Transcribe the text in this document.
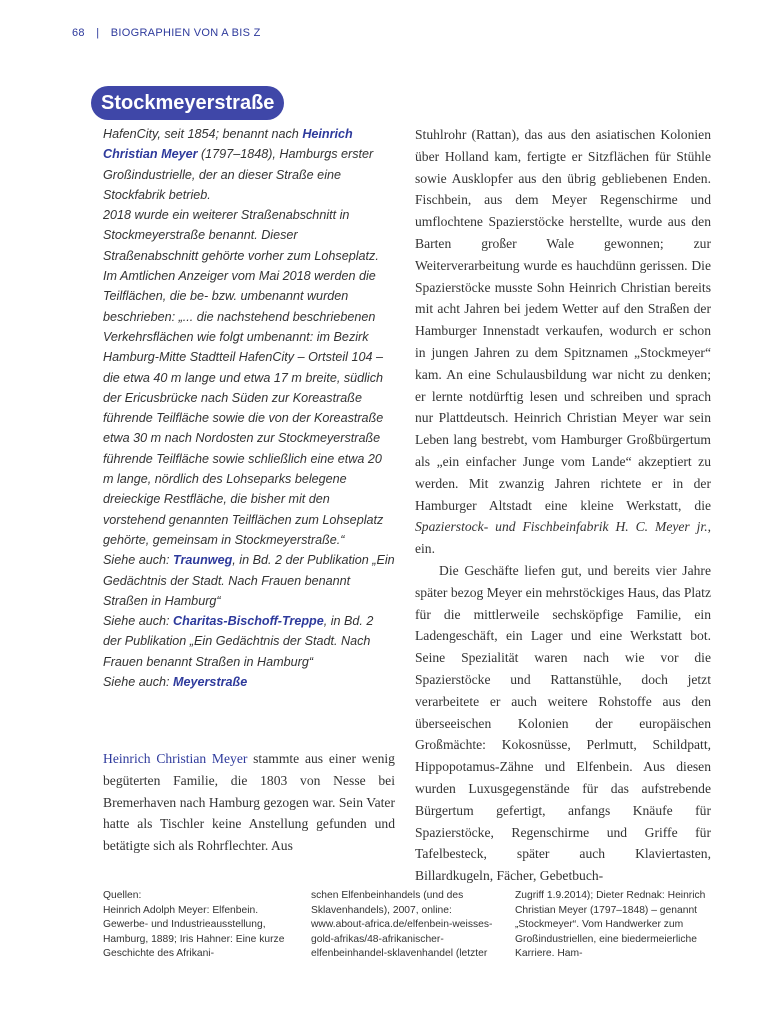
68 | BIOGRAPHIEN VON A BIS Z
Stockmeyerstraße

HafenCity, seit 1854; benannt nach Heinrich Christian Meyer (1797–1848), Hamburgs erster Großindustrielle, der an dieser Straße eine Stockfabrik betrieb.

2018 wurde ein weiterer Straßenabschnitt in Stockmeyerstraße benannt. Dieser Straßenabschnitt gehörte vorher zum Lohseplatz. Im Amtlichen Anzeiger vom Mai 2018 werden die Teilflächen, die be- bzw. umbenannt wurden beschrieben: „... die nachstehend beschriebenen Verkehrsflächen wie folgt umbenannt: im Bezirk Hamburg-Mitte Stadtteil HafenCity – Ortsteil 104 – die etwa 40 m lange und etwa 17 m breite, südlich der Ericusbrücke nach Süden zur Koreastraße führende Teilfläche sowie die von der Koreastraße etwa 30 m nach Nordosten zur Stockmeyerstraße führende Teilfläche sowie schließlich eine etwa 20 m lange, nördlich des Lohseparks belegene dreieckige Restfläche, die bisher mit den vorstehend genannten Teilflächen zum Lohseplatz gehörte, gemeinsam in Stockmeyerstraße.“

Siehe auch: Traunweg, in Bd. 2 der Publikation „Ein Gedächtnis der Stadt. Nach Frauen benannt Straßen in Hamburg“

Siehe auch: Charitas-Bischoff-Treppe, in Bd. 2 der Publikation „Ein Gedächtnis der Stadt. Nach Frauen benannt Straßen in Hamburg“

Siehe auch: Meyerstraße

Heinrich Christian Meyer stammte aus einer wenig begüterten Familie, die 1803 von Nesse bei Bremerhaven nach Hamburg gezogen war. Sein Vater hatte als Tischler keine Anstellung gefunden und betätigte sich als Rohrflechter. Aus

Stuhlrohr (Rattan), das aus den asiatischen Kolonien über Holland kam, fertigte er Sitzflächen für Stühle sowie Ausklopfer aus den übrig gebliebenen Enden. Fischbein, aus dem Meyer Regenschirme und umflochtene Spazierstöcke herstellte, wurde aus den Barten großer Wale gewonnen; zur Weiterverarbeitung wurde es hauchdünn gerissen. Die Spazierstöcke musste Sohn Heinrich Christian bereits mit acht Jahren bei jedem Wetter auf den Straßen der Hamburger Innenstadt verkaufen, wodurch er schon in jungen Jahren zu dem Spitznamen „Stockmeyer“ kam. An eine Schulausbildung war nicht zu denken; er lernte notdürftig lesen und schreiben und sprach nur Plattdeutsch. Heinrich Christian Meyer war sein Leben lang bestrebt, vom Hamburger Großbürgertum als „ein einfacher Junge vom Lande“ akzeptiert zu werden. Mit zwanzig Jahren richtete er in der Hamburger Altstadt eine kleine Werkstatt, die Spazierstock- und Fischbeinfabrik H. C. Meyer jr., ein.

Die Geschäfte liefen gut, und bereits vier Jahre später bezog Meyer ein mehrstöckiges Haus, das Platz für die mittlerweile sechsköpfige Familie, ein Ladengeschäft, ein Lager und eine Werkstatt bot. Seine Spezialität waren nach wie vor die Spazierstöcke und Rattanstühle, doch jetzt verarbeitete er auch weitere Rohstoffe aus den überseeischen Kolonien der europäischen Großmächte: Kokosnüsse, Perlmutt, Schildpatt, Hippopotamus-Zähne und Elfenbein. Aus diesen wurden Luxusgegenstände für das aufstrebende Bürgertum gefertigt, anfangs Knäufe für Spazierstöcke, Regenschirme und Griffe für Tafelbesteck, später auch Klaviertasten, Billardkugeln, Fächer, Gebetbuch-

Quellen:
Heinrich Adolph Meyer: Elfenbein. Gewerbe- und Industrieausstellung, Hamburg, 1889; Iris Hahner: Eine kurze Geschichte des Afrikani-
schen Elfenbeinhandels (und des Sklavenhandels), 2007, online: www.about-africa.de/elfenbein-weisses-gold-afrikas/48-afrikanischer-elfenbeinhandel-sklavenhandel (letzter
Zugriff 1.9.2014); Dieter Rednak: Heinrich Christian Meyer (1797–1848) – genannt „Stockmeyer“. Vom Handwerker zum Großindustriellen, eine biedermeierliche Karriere. Ham-
